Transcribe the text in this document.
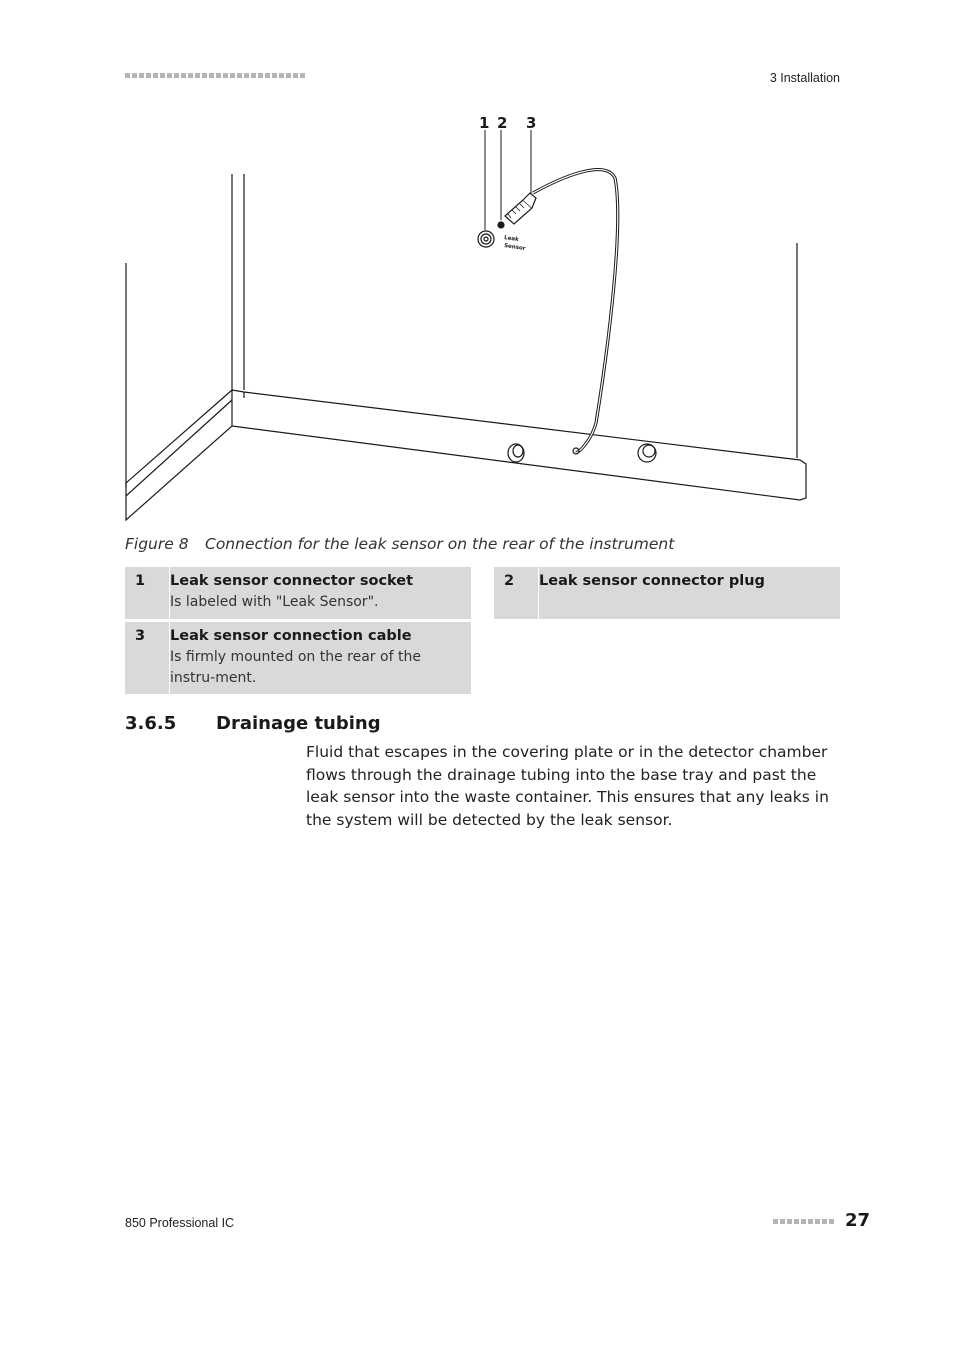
3 Installation
1 2 3
Leak
Sensor
Figure 8 Connection for the leak sensor on the rear of the instrument
1	Leak sensor connector socket
Is labeled with "Leak Sensor".
2	Leak sensor connector plug
3	Leak sensor connection cable
Is firmly mounted on the rear of the instru-ment.
3.6.5 Drainage tubing
Fluid that escapes in the covering plate or in the detector chamber flows through the drainage tubing into the base tray and past the leak sensor into the waste container. This ensures that any leaks in the system will be detected by the leak sensor.
850 Professional IC	27
